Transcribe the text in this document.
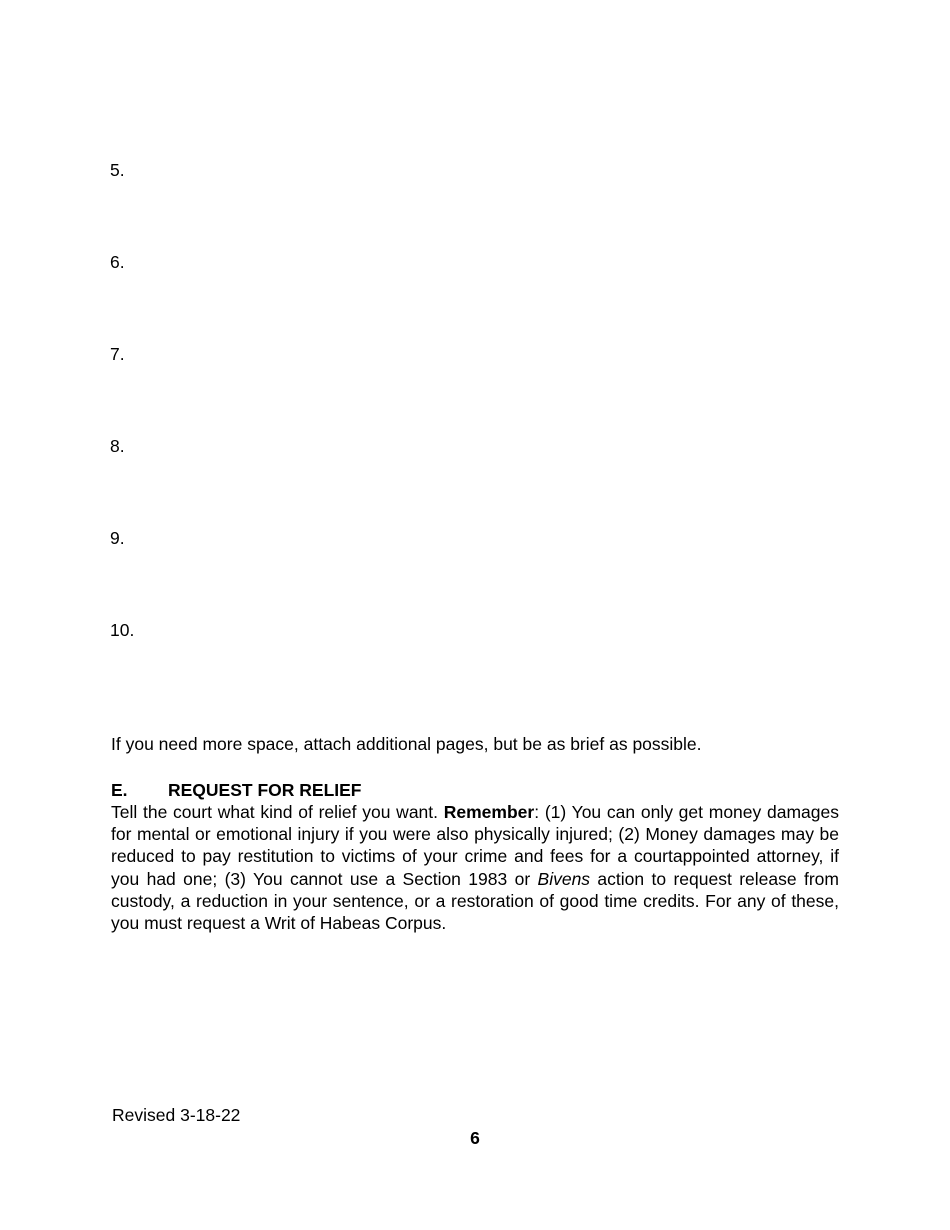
5.
6.
7.
8.
9.
10.
If you need more space, attach additional pages, but be as brief as possible.
E.	REQUEST FOR RELIEF
Tell the court what kind of relief you want. Remember: (1) You can only get money damages for mental or emotional injury if you were also physically injured; (2) Money damages may be reduced to pay restitution to victims of your crime and fees for a courtappointed attorney, if you had one; (3) You cannot use a Section 1983 or Bivens action to request release from custody, a reduction in your sentence, or a restoration of good time credits. For any of these, you must request a Writ of Habeas Corpus.
Revised 3-18-22
6
